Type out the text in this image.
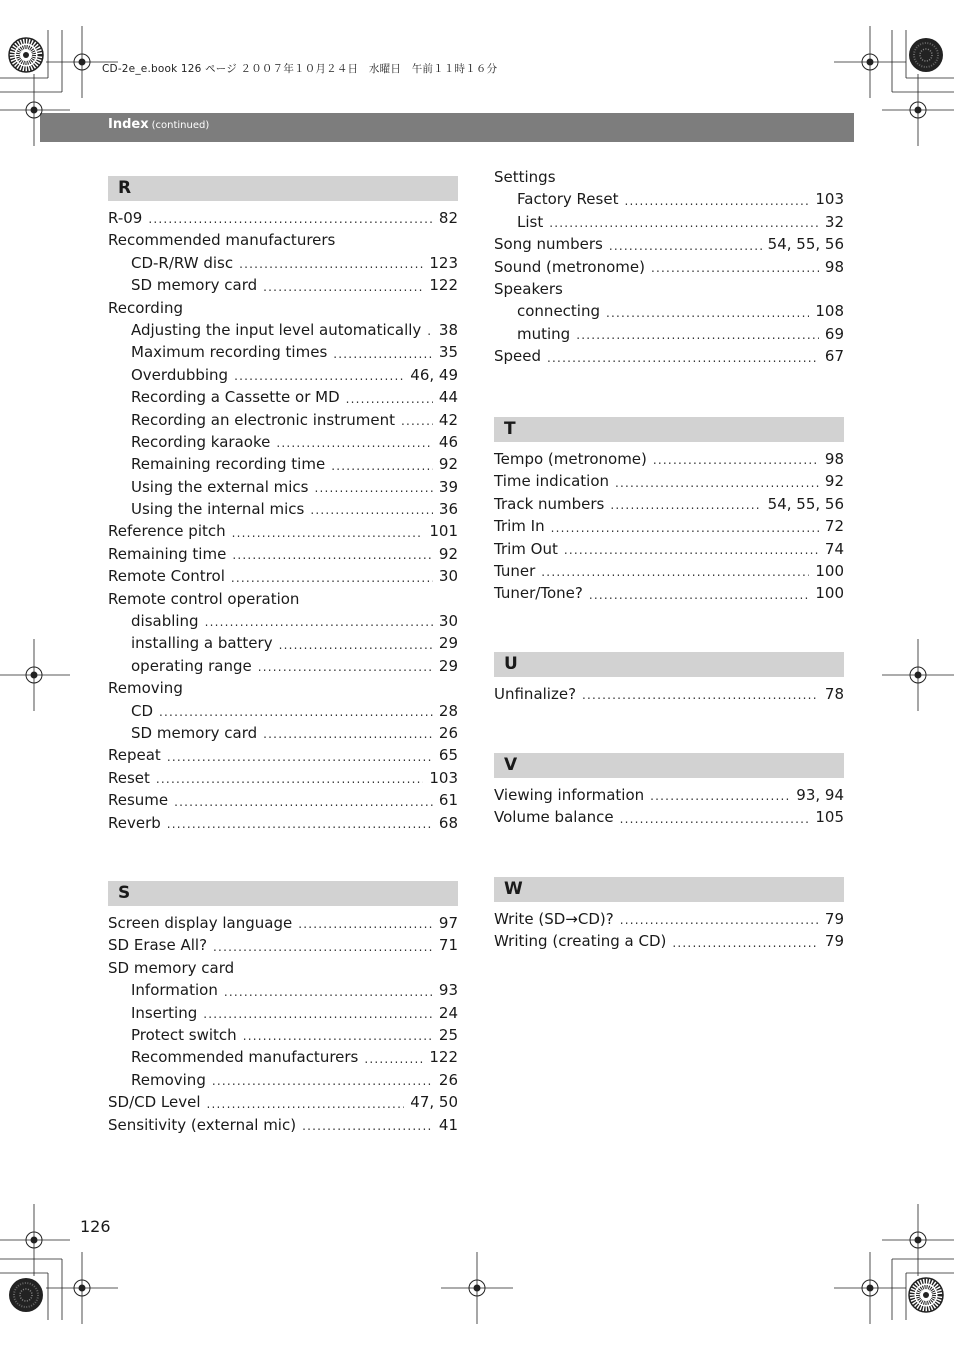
CD-2e_e.book 126 ページ ２００７年１０月２４日　水曜日　午前１１時１６分
Index (continued)
R
R-09 .....	82
Recommended manufacturers
CD-R/RW disc .....	123
SD memory card .....	122
Recording
Adjusting the input level automatically ..... 38
Maximum recording times .....	35
Overdubbing .....	46, 49
Recording a Cassette or MD .....	44
Recording an electronic instrument .....	42
Recording karaoke .....	46
Remaining recording time .....	92
Using the external mics .....	39
Using the internal mics .....	36
Reference pitch .....	101
Remaining time .....	92
Remote Control .....	30
Remote control operation
disabling .....	30
installing a battery .....	29
operating range .....	29
Removing
CD .....	28
SD memory card .....	26
Repeat .....	65
Reset .....	103
Resume .....	61
Reverb .....	68
S
Screen display language .....	97
SD Erase All? .....	71
SD memory card
Information .....	93
Inserting .....	24
Protect switch .....	25
Recommended manufacturers .....	122
Removing .....	26
SD/CD Level .....	47, 50
Sensitivity (external mic) .....	41
Settings
Factory Reset .....	103
List .....	32
Song numbers .....	54, 55, 56
Sound (metronome) .....	98
Speakers
connecting .....	108
muting .....	69
Speed .....	67
T
Tempo (metronome) .....	98
Time indication .....	92
Track numbers .....	54, 55, 56
Trim In .....	72
Trim Out .....	74
Tuner .....	100
Tuner/Tone? .....	100
U
Unfinalize? .....	78
V
Viewing information .....	93, 94
Volume balance .....	105
W
Write (SD→CD)? .....	79
Writing (creating a CD) .....	79
126
